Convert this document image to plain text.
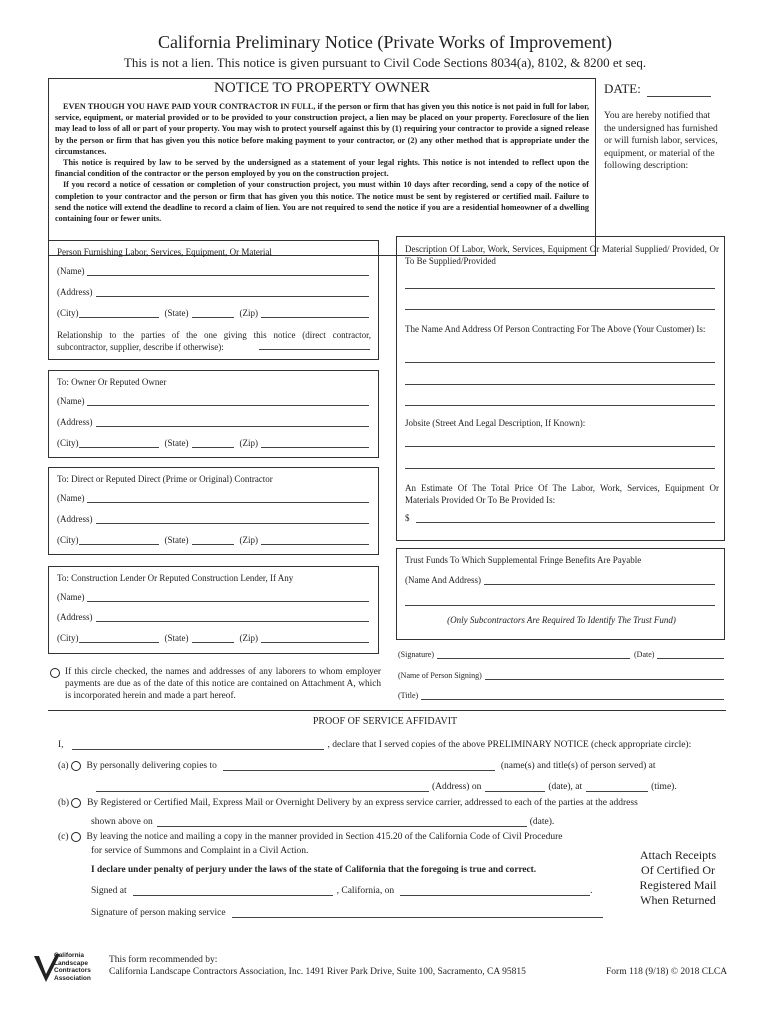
California Preliminary Notice (Private Works of Improvement)
This is not a lien. This notice is given pursuant to Civil Code Sections 8034(a), 8102, & 8200 et seq.
NOTICE TO PROPERTY OWNER

EVEN THOUGH YOU HAVE PAID YOUR CONTRACTOR IN FULL, if the person or firm that has given you this notice is not paid in full for labor, service, equipment, or material provided or to be provided to your construction project, a lien may be placed on your property. Foreclosure of the lien may lead to loss of all or part of your property. You may wish to protect yourself against this by (1) requiring your contractor to provide a signed release by the person or firm that has given you this notice before making payment to your contractor, or (2) any other method that is appropriate under the circumstances.

This notice is required by law to be served by the undersigned as a statement of your legal rights. This notice is not intended to reflect upon the financial condition of the contractor or the person employed by you on the construction project.

If you record a notice of cessation or completion of your construction project, you must within 10 days after recording, send a copy of the notice of completion to your contractor and the person or firm that has given you this notice. The notice must be sent by registered or certified mail. Failure to send the notice will extend the deadline to record a claim of lien. You are not required to send the notice if you are a residential homeowner of a dwelling containing four or fewer units.

DATE:
You are hereby notified that the undersigned has furnished or will furnish labor, services, equipment, or material of the following description:
Person Furnishing Labor, Services, Equipment, Or Material
(Name)
(Address)
(City)	(State)	(Zip)
Relationship to the parties of the one giving this notice (direct contractor, subcontractor, supplier, describe if otherwise):
To: Owner Or Reputed Owner
(Name)
(Address)
(City)	(State)	(Zip)
To: Direct or Reputed Direct (Prime or Original) Contractor
(Name)
(Address)
(City)	(State)	(Zip)
To: Construction Lender Or Reputed Construction Lender, If Any
(Name)
(Address)
(City)	(State)	(Zip)
Description Of Labor, Work, Services, Equipment Or Material Supplied/ Provided, Or To Be Supplied/Provided
The Name And Address Of Person Contracting For The Above (Your Customer) Is:
Jobsite (Street And Legal Description, If Known):
An Estimate Of The Total Price Of The Labor, Work, Services, Equipment Or Materials Provided Or To Be Provided Is:
$
Trust Funds To Which Supplemental Fringe Benefits Are Payable
(Name And Address)
(Only Subcontractors Are Required To Identify The Trust Fund)
(Signature)	(Date)
(Name of Person Signing)
(Title)
If this circle checked, the names and addresses of any laborers to whom employer payments are due as of the date of this notice are contained on Attachment A, which is incorporated herein and made a part hereof.
PROOF OF SERVICE AFFIDAVIT
I,	, declare that I served copies of the above PRELIMINARY NOTICE (check appropriate circle):
(a) By personally delivering copies to	(name(s) and title(s) of person served) at
(Address) on	(date), at	(time).
(b) By Registered or Certified Mail, Express Mail or Overnight Delivery by an express service carrier, addressed to each of the parties at the address
shown above on	(date).
(c) By leaving the notice and mailing a copy in the manner provided in Section 415.20 of the California Code of Civil Procedure
for service of Summons and Complaint in a Civil Action.
I declare under penalty of perjury under the laws of the state of California that the foregoing is true and correct.
Signed at	, California, on	.
Signature of person making service
Attach Receipts
Of Certified Or
Registered Mail
When Returned
California
Landscape
Contractors
Association
This form recommended by:
California Landscape Contractors Association, Inc. 1491 River Park Drive, Suite 100, Sacramento, CA 95815	Form 118 (9/18) © 2018 CLCA
